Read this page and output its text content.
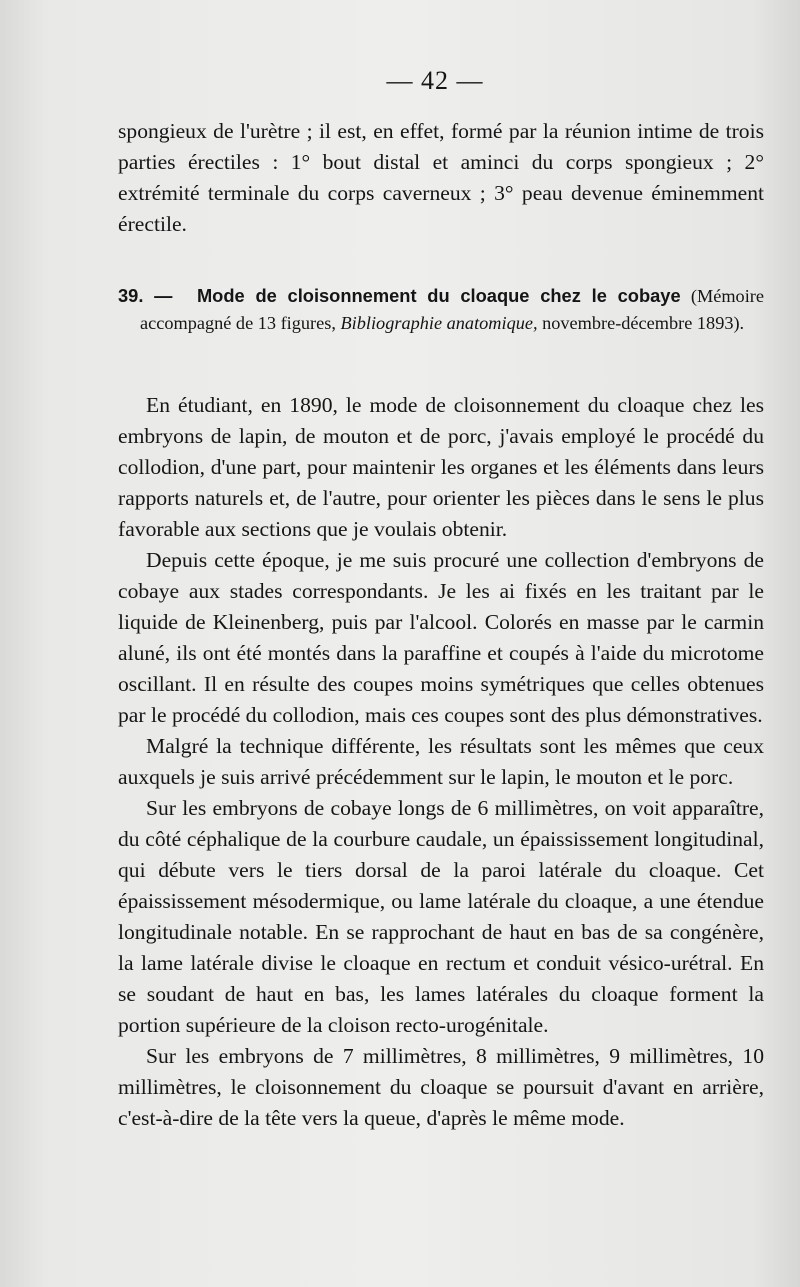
— 42 —

spongieux de l'urètre ; il est, en effet, formé par la réunion intime de trois parties érectiles : 1° bout distal et aminci du corps spongieux ; 2° extrémité terminale du corps caverneux ; 3° peau devenue éminemment érectile.

39. — Mode de cloisonnement du cloaque chez le cobaye (Mémoire accompagné de 13 figures, Bibliographie anatomique, novembre-décembre 1893).

En étudiant, en 1890, le mode de cloisonnement du cloaque chez les embryons de lapin, de mouton et de porc, j'avais employé le procédé du collodion, d'une part, pour maintenir les organes et les éléments dans leurs rapports naturels et, de l'autre, pour orienter les pièces dans le sens le plus favorable aux sections que je voulais obtenir.

Depuis cette époque, je me suis procuré une collection d'embryons de cobaye aux stades correspondants. Je les ai fixés en les traitant par le liquide de Kleinenberg, puis par l'alcool. Colorés en masse par le carmin aluné, ils ont été montés dans la paraffine et coupés à l'aide du microtome oscillant. Il en résulte des coupes moins symétriques que celles obtenues par le procédé du collodion, mais ces coupes sont des plus démonstratives.

Malgré la technique différente, les résultats sont les mêmes que ceux auxquels je suis arrivé précédemment sur le lapin, le mouton et le porc.

Sur les embryons de cobaye longs de 6 millimètres, on voit apparaître, du côté céphalique de la courbure caudale, un épaississement longitudinal, qui débute vers le tiers dorsal de la paroi latérale du cloaque. Cet épaississement mésodermique, ou lame latérale du cloaque, a une étendue longitudinale notable. En se rapprochant de haut en bas de sa congénère, la lame latérale divise le cloaque en rectum et conduit vésico-urétral. En se soudant de haut en bas, les lames latérales du cloaque forment la portion supérieure de la cloison recto-urogénitale.

Sur les embryons de 7 millimètres, 8 millimètres, 9 millimètres, 10 millimètres, le cloisonnement du cloaque se poursuit d'avant en arrière, c'est-à-dire de la tête vers la queue, d'après le même mode.
